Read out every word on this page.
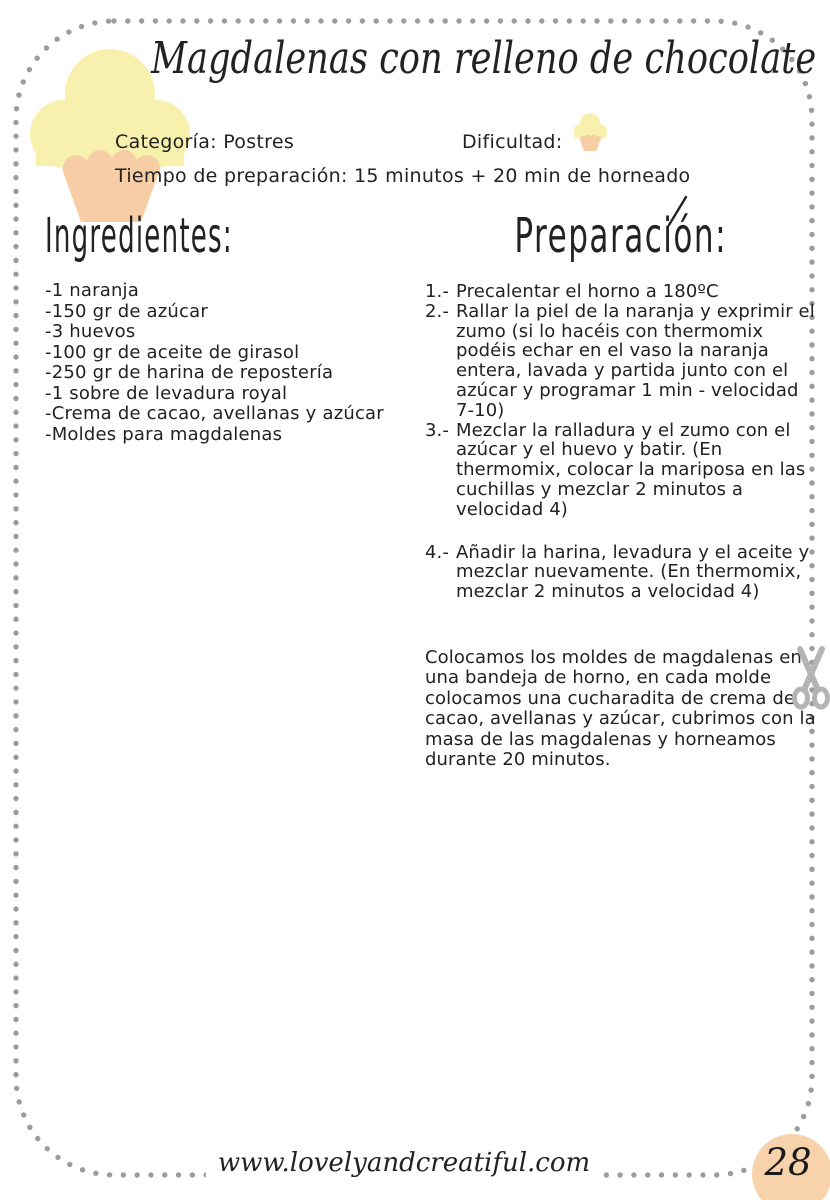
Magdalenas con relleno de chocolate
Categoría: Postres	Dificultad:
Tiempo de preparación: 15 minutos + 20 min de horneado
Ingredientes:
-1 naranja
-150 gr de azúcar
-3 huevos
-100 gr de aceite de girasol
-250 gr de harina de repostería
-1 sobre de levadura royal
-Crema de cacao, avellanas y azúcar
-Moldes para magdalenas
Preparación:
1.- Precalentar el horno a 180ºC
2.- Rallar la piel de la naranja y exprimir el zumo (si lo hacéis con thermomix podéis echar en el vaso la naranja entera, lavada y partida junto con el azúcar y programar 1 min - velocidad 7-10)
3.- Mezclar la ralladura y el zumo con el azúcar y el huevo y batir. (En thermomix, colocar la mariposa en las cuchillas y mezclar 2 minutos a velocidad 4)
4.- Añadir la harina, levadura y el aceite y mezclar nuevamente. (En thermomix, mezclar 2 minutos a velocidad 4)

Colocamos los moldes de magdalenas en una bandeja de horno, en cada molde colocamos una cucharadita de crema de cacao, avellanas y azúcar, cubrimos con la masa de las magdalenas y horneamos durante 20 minutos.

www.lovelyandcreatiful.com	28
